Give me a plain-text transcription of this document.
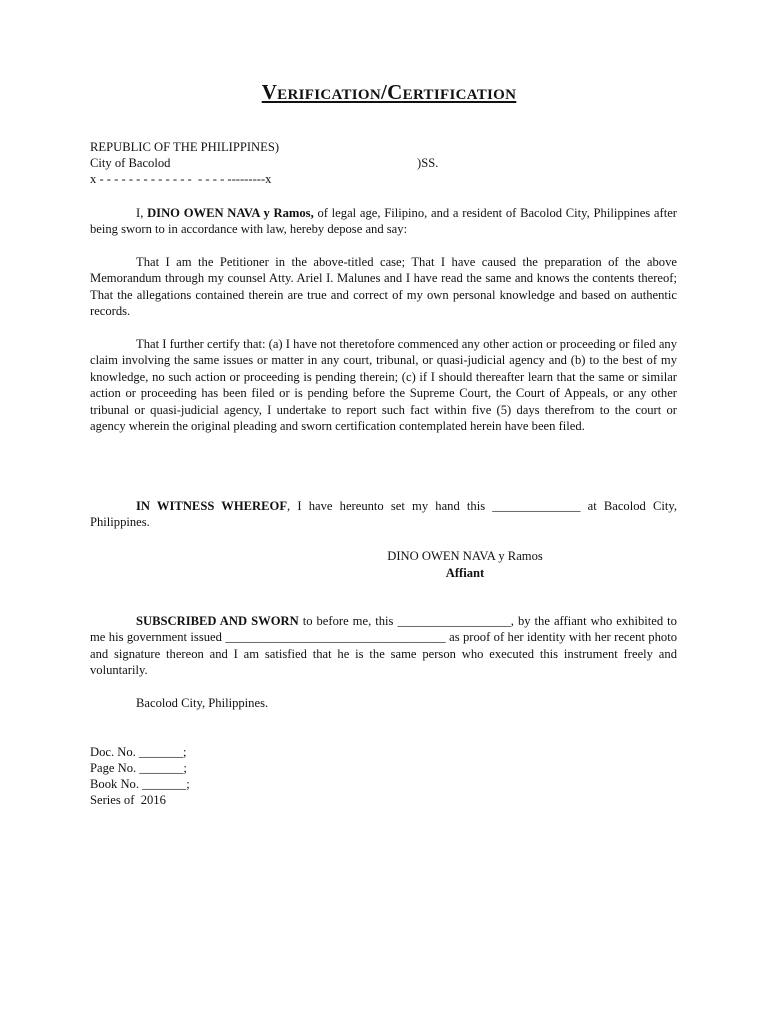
Verification/Certification
REPUBLIC OF THE PHILIPPINES)
City of Bacolod	)SS.
x - - - - - - - - - - - - -  - - - - ---------x

I, DINO OWEN NAVA y Ramos, of legal age, Filipino, and a resident of Bacolod City, Philippines after being sworn to in accordance with law, hereby depose and say:

That I am the Petitioner in the above-titled case; That I have caused the preparation of the above Memorandum through my counsel Atty. Ariel I. Malunes and I have read the same and knows the contents thereof; That the allegations contained therein are true and correct of my own personal knowledge and based on authentic records.

That I further certify that: (a) I have not theretofore commenced any other action or proceeding or filed any claim involving the same issues or matter in any court, tribunal, or quasi-judicial agency and (b) to the best of my knowledge, no such action or proceeding is pending therein; (c) if I should thereafter learn that the same or similar action or proceeding has been filed or is pending before the Supreme Court, the Court of Appeals, or any other tribunal or quasi-judicial agency, I undertake to report such fact within five (5) days therefrom to the court or agency wherein the original pleading and sworn certification contemplated herein have been filed.

IN WITNESS WHEREOF, I have hereunto set my hand this ______________ at Bacolod City, Philippines.

DINO OWEN NAVA y Ramos
Affiant

SUBSCRIBED AND SWORN to before me, this __________________, by the affiant who exhibited to me his government issued ___________________________________ as proof of her identity with her recent photo and signature thereon and I am satisfied that he is the same person who executed this instrument freely and voluntarily.

Bacolod City, Philippines.
Doc. No. _______;
Page No. _______;
Book No. _______;
Series of  2016
